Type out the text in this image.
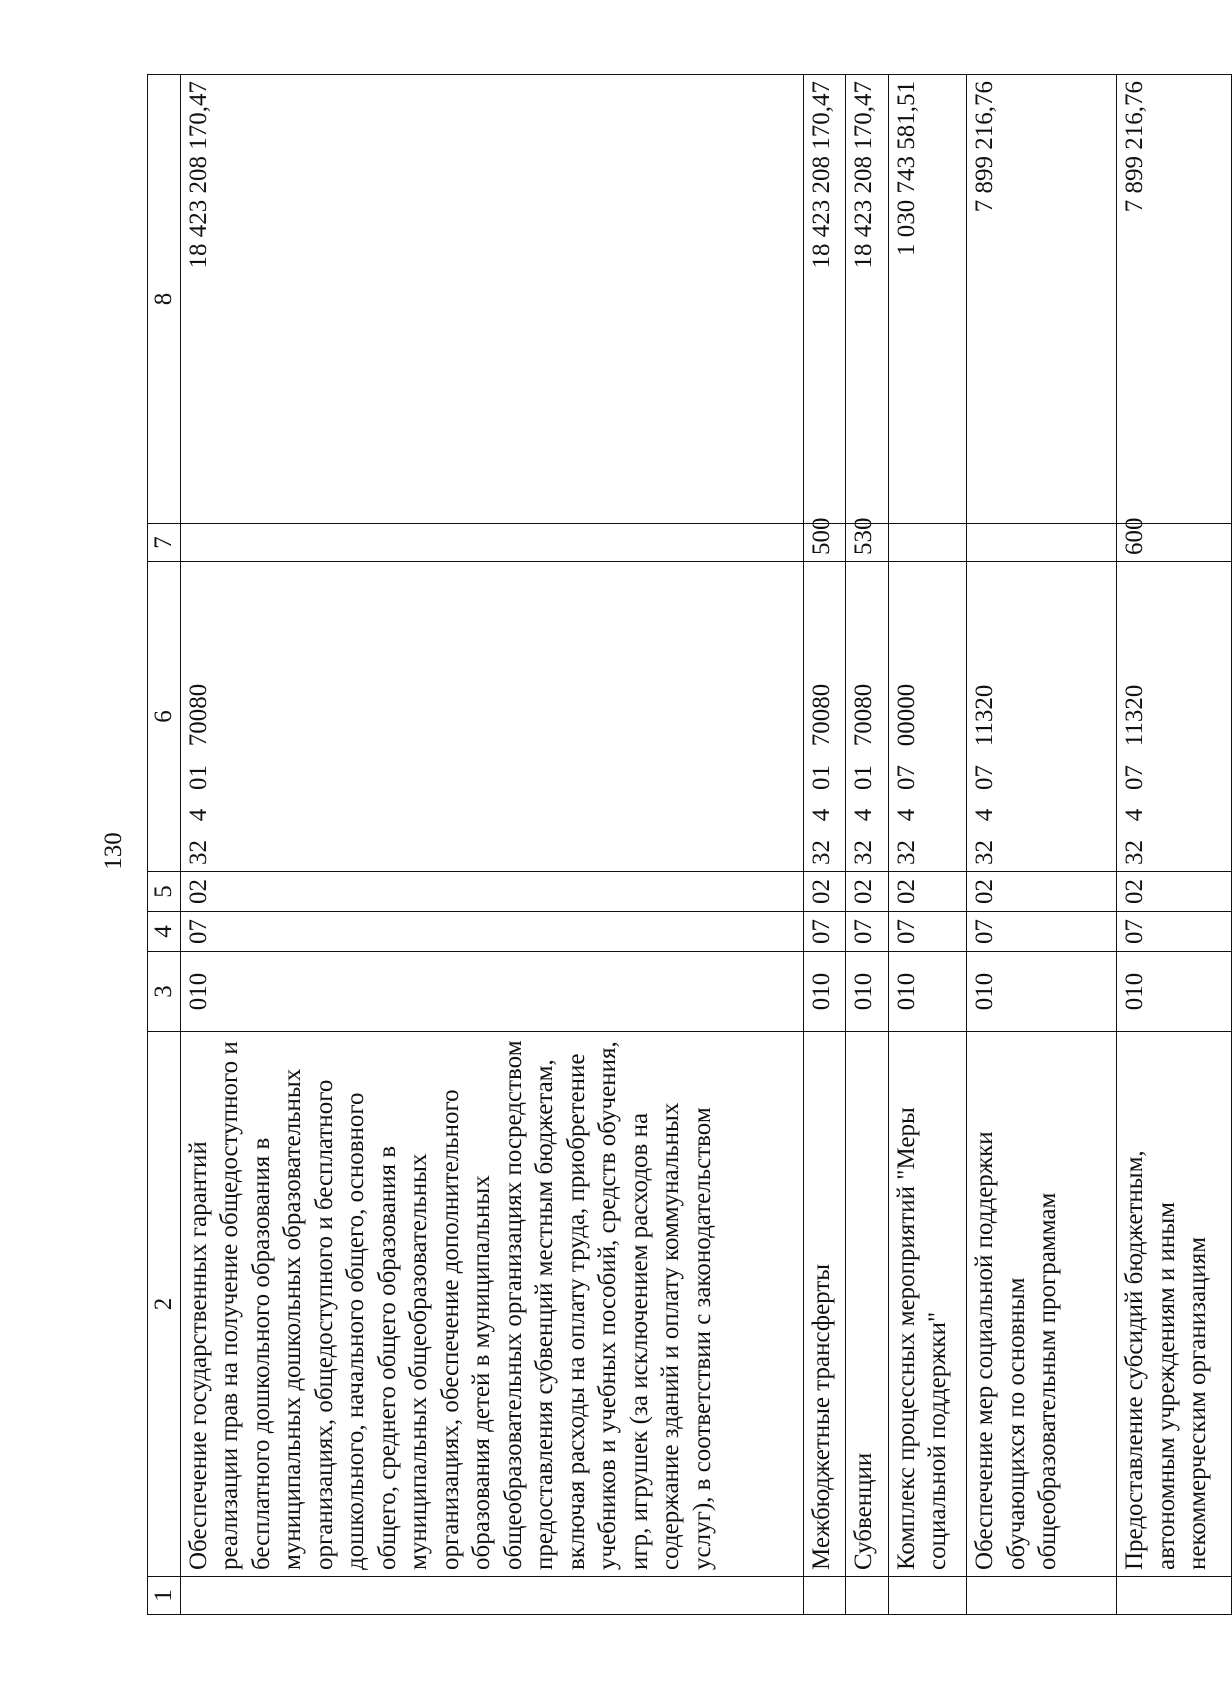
130
1	2	3	4	5	6	7	8
	Обеспечение государственных гарантий реализации прав на получение общедоступного и бесплатного дошкольного образования в муниципальных дошкольных образовательных организациях, общедоступного и бесплатного дошкольного, начального общего, основного общего, среднего общего образования в муниципальных общеобразовательных организациях, обеспечение дополнительного образования детей в муниципальных общеобразовательных организациях посредством предоставления субвенций местным бюджетам, включая расходы на оплату труда, приобретение учебников и учебных пособий, средств обучения, игр, игрушек (за исключением расходов на содержание зданий и оплату коммунальных услуг), в соответствии с законодательством	010	07	02	32   4   01   70080		18 423 208 170,47
	Межбюджетные трансферты	010	07	02	32   4   01   70080	500	18 423 208 170,47
	Субвенции	010	07	02	32   4   01   70080	530	18 423 208 170,47
	Комплекс процессных мероприятий "Меры социальной поддержки"	010	07	02	32   4   07   00000		1 030 743 581,51
	Обеспечение мер социальной поддержки обучающихся по основным общеобразовательным программам	010	07	02	32   4   07   11320		7 899 216,76
	Предоставление субсидий бюджетным, автономным учреждениям и иным некоммерческим организациям	010	07	02	32   4   07   11320	600	7 899 216,76
